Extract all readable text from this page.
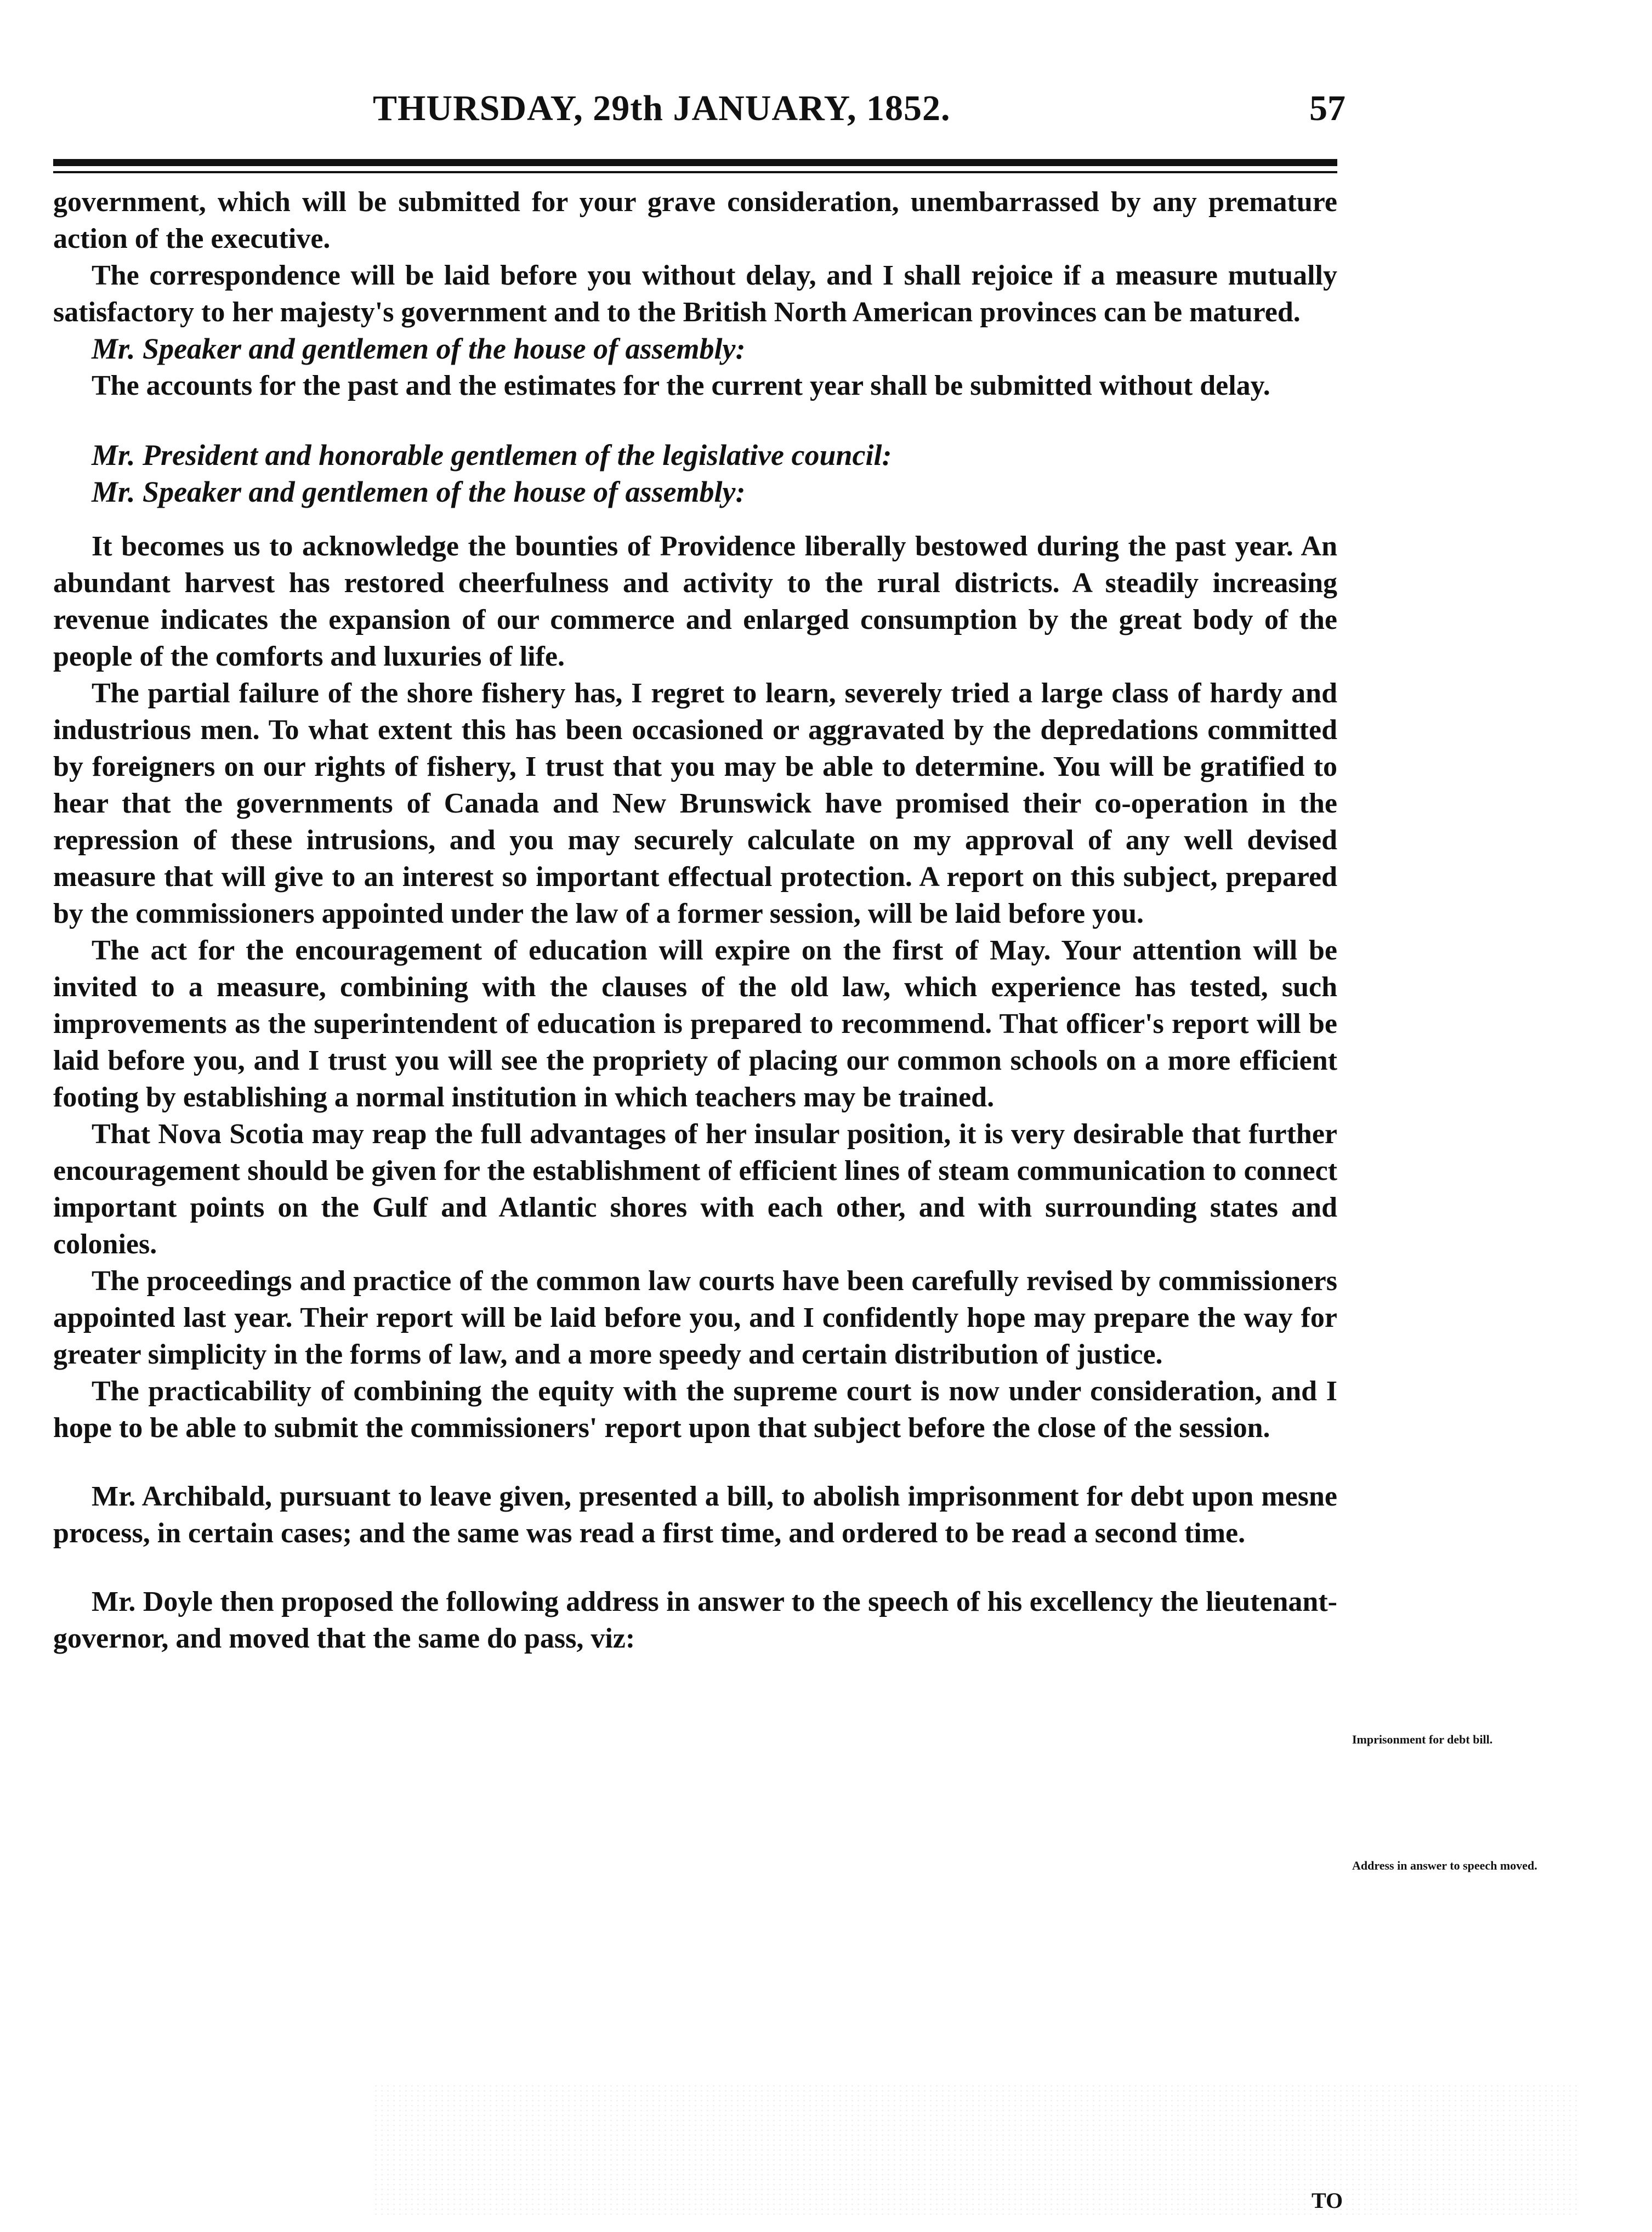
THURSDAY, 29th JANUARY, 1852.	57

government, which will be submitted for your grave consideration, unembarrassed by any premature action of the executive.

The correspondence will be laid before you without delay, and I shall rejoice if a measure mutually satisfactory to her majesty's government and to the British North American provinces can be matured.

Mr. Speaker and gentlemen of the house of assembly:

The accounts for the past and the estimates for the current year shall be submitted without delay.

Mr. President and honorable gentlemen of the legislative council:

Mr. Speaker and gentlemen of the house of assembly:

It becomes us to acknowledge the bounties of Providence liberally bestowed during the past year. An abundant harvest has restored cheerfulness and activity to the rural districts. A steadily increasing revenue indicates the expansion of our commerce and enlarged consumption by the great body of the people of the comforts and luxuries of life.

The partial failure of the shore fishery has, I regret to learn, severely tried a large class of hardy and industrious men. To what extent this has been occasioned or aggravated by the depredations committed by foreigners on our rights of fishery, I trust that you may be able to determine. You will be gratified to hear that the governments of Canada and New Brunswick have promised their co-operation in the repression of these intrusions, and you may securely calculate on my approval of any well devised measure that will give to an interest so important effectual protection. A report on this subject, prepared by the commissioners appointed under the law of a former session, will be laid before you.

The act for the encouragement of education will expire on the first of May. Your attention will be invited to a measure, combining with the clauses of the old law, which experience has tested, such improvements as the superintendent of education is prepared to recommend. That officer's report will be laid before you, and I trust you will see the propriety of placing our common schools on a more efficient footing by establishing a normal institution in which teachers may be trained.

That Nova Scotia may reap the full advantages of her insular position, it is very desirable that further encouragement should be given for the establishment of efficient lines of steam communication to connect important points on the Gulf and Atlantic shores with each other, and with surrounding states and colonies.

The proceedings and practice of the common law courts have been carefully revised by commissioners appointed last year. Their report will be laid before you, and I confidently hope may prepare the way for greater simplicity in the forms of law, and a more speedy and certain distribution of justice.

The practicability of combining the equity with the supreme court is now under consideration, and I hope to be able to submit the commissioners' report upon that subject before the close of the session.

Mr. Archibald, pursuant to leave given, presented a bill, to abolish imprisonment for debt upon mesne process, in certain cases; and the same was read a first time, and ordered to be read a second time.

Mr. Doyle then proposed the following address in answer to the speech of his excellency the lieutenant-governor, and moved that the same do pass, viz:

Imprisonment for debt bill.
Address in answer to speech moved.
TO
